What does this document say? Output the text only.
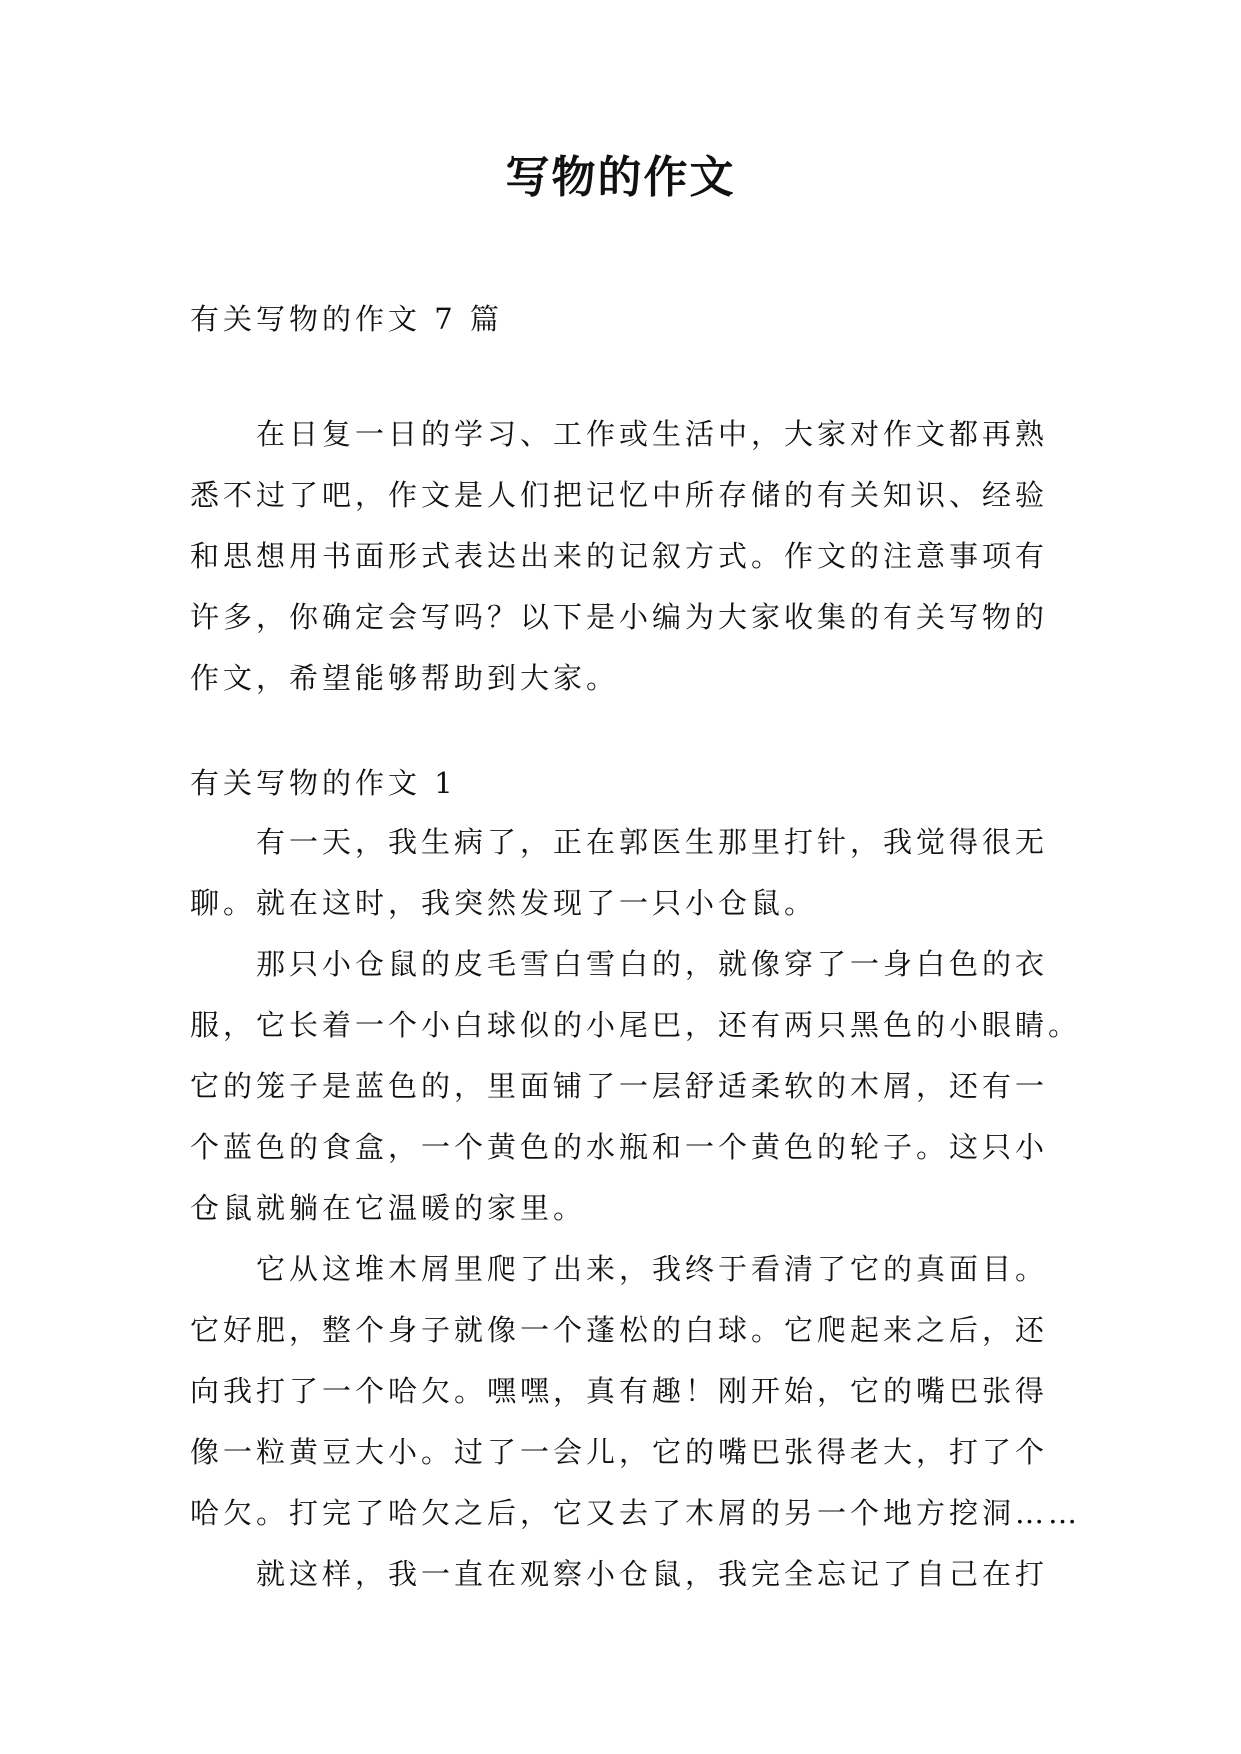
写物的作文
有关写物的作文 7 篇
在日复一日的学习、工作或生活中，大家对作文都再熟
悉不过了吧，作文是人们把记忆中所存储的有关知识、经验
和思想用书面形式表达出来的记叙方式。作文的注意事项有
许多，你确定会写吗？以下是小编为大家收集的有关写物的
作文，希望能够帮助到大家。
有关写物的作文 1
有一天，我生病了，正在郭医生那里打针，我觉得很无
聊。就在这时，我突然发现了一只小仓鼠。
那只小仓鼠的皮毛雪白雪白的，就像穿了一身白色的衣
服，它长着一个小白球似的小尾巴，还有两只黑色的小眼睛。
它的笼子是蓝色的，里面铺了一层舒适柔软的木屑，还有一
个蓝色的食盒，一个黄色的水瓶和一个黄色的轮子。这只小
仓鼠就躺在它温暖的家里。
它从这堆木屑里爬了出来，我终于看清了它的真面目。
它好肥，整个身子就像一个蓬松的白球。它爬起来之后，还
向我打了一个哈欠。嘿嘿，真有趣！刚开始，它的嘴巴张得
像一粒黄豆大小。过了一会儿，它的嘴巴张得老大，打了个
哈欠。打完了哈欠之后，它又去了木屑的另一个地方挖洞……
就这样，我一直在观察小仓鼠，我完全忘记了自己在打
